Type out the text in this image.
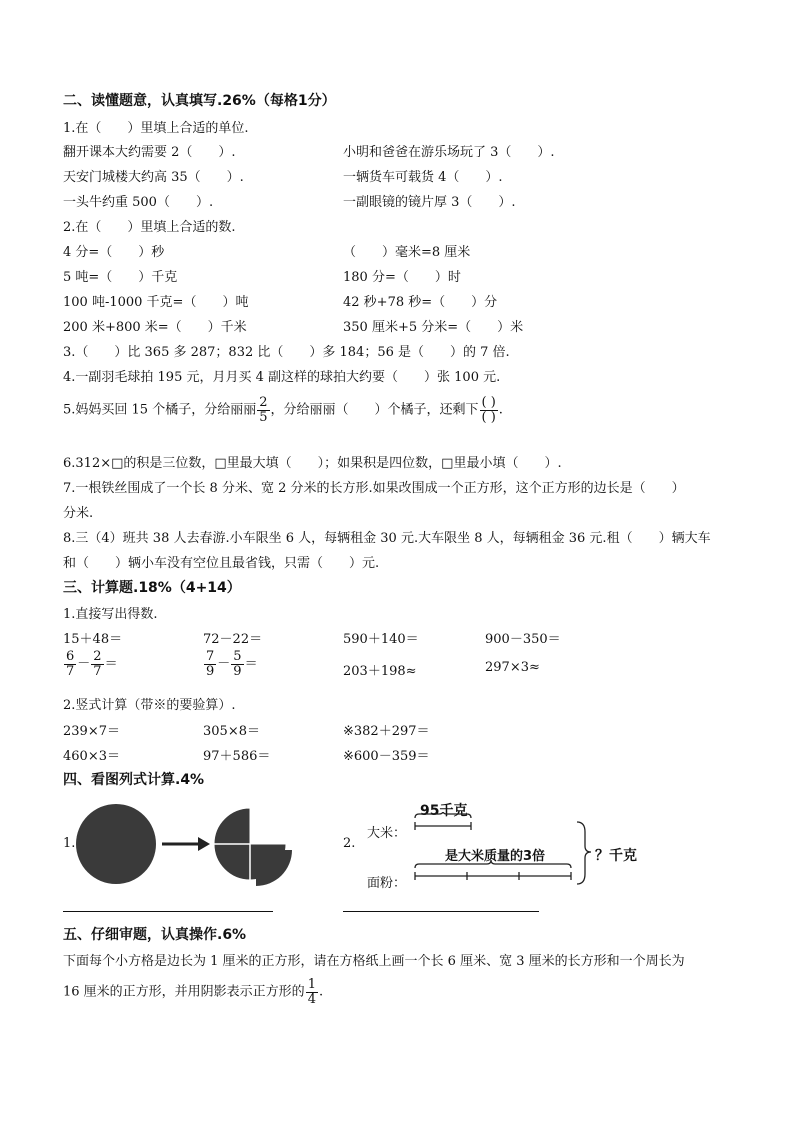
二、读懂题意，认真填写.26%（每格1分）
1.在（　　）里填上合适的单位.
翻开课本大约需要 2（　　）.	小明和爸爸在游乐场玩了 3（　　）.
天安门城楼大约高 35（　　）.	一辆货车可载货 4（　　）.
一头牛约重 500（　　）.	一副眼镜的镜片厚 3（　　）.
2.在（　　）里填上合适的数.
4 分=（　　）秒	（　　）毫米=8 厘米
5 吨=（　　）千克	180 分=（　　）时
100 吨-1000 千克=（　　）吨	42 秒+78 秒=（　　）分
200 米+800 米=（　　）千米	350 厘米+5 分米=（　　）米
3.（　　）比 365 多 287；832 比（　　）多 184；56 是（　　）的 7 倍.
4.一副羽毛球拍 195 元，月月买 4 副这样的球拍大约要（　　）张 100 元.
5.妈妈买回 15 个橘子，分给丽丽 $\frac{2}{5}$ ，分给丽丽（　　）个橘子，还剩下 $\frac{( )}{( )}$ .
6.312×□的积是三位数，□里最大填（　　）；如果积是四位数，□里最小填（　　）.
7.一根铁丝围成了一个长 8 分米、宽 2 分米的长方形.如果改围成一个正方形，这个正方形的边长是（　　）
分米.
8.三（4）班共 38 人去春游.小车限坐 6 人，每辆租金 30 元.大车限坐 8 人，每辆租金 36 元.租（　　）辆大车
和（　　）辆小车没有空位且最省钱，只需（　　）元.
三、计算题.18%（4+14）
1.直接写出得数.
15＋48＝	72－22＝	590＋140＝	900－350＝
$\frac{6}{7} - \frac{2}{7}$ ＝	$\frac{7}{9} - \frac{5}{9}$ ＝	203＋198≈	297×3≈
2.竖式计算（带※的要验算）.
239×7＝	305×8＝	※382＋297＝
460×3＝	97＋586＝	※600－359＝
四、看图列式计算.4%
1.	2.
95千克
大米：
面粉：
是大米质量的3倍	？千克
五、仔细审题，认真操作.6%
下面每个小方格是边长为 1 厘米的正方形，请在方格纸上画一个长 6 厘米、宽 3 厘米的长方形和一个周长为
16 厘米的正方形，并用阴影表示正方形的 $\frac{1}{4}$ .
